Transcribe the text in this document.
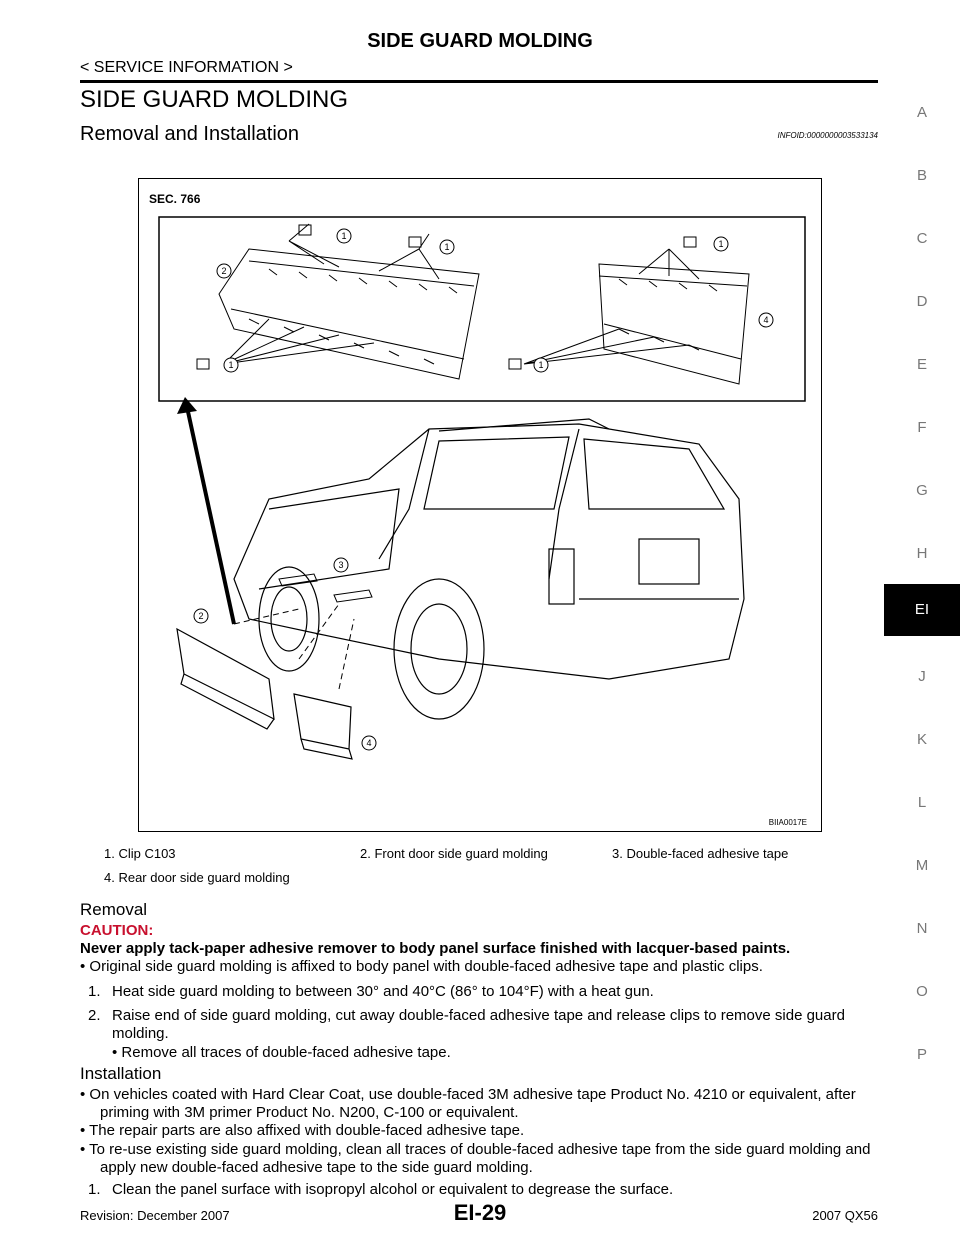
SIDE GUARD MOLDING
< SERVICE INFORMATION >
SIDE GUARD MOLDING
Removal and Installation	INFOID:0000000003533134
SEC. 766
1
1
2
1
1
1
4
2
3
4
BIIA0017E
1. Clip C103	2. Front door side guard molding	3. Double-faced adhesive tape
4. Rear door side guard molding
Removal
CAUTION:
Never apply tack-paper adhesive remover to body panel surface finished with lacquer-based paints.
• Original side guard molding is affixed to body panel with double-faced adhesive tape and plastic clips.
1. Heat side guard molding to between 30° and 40°C (86° to 104°F) with a heat gun.
2. Raise end of side guard molding, cut away double-faced adhesive tape and release clips to remove side guard molding.
• Remove all traces of double-faced adhesive tape.
Installation
• On vehicles coated with Hard Clear Coat, use double-faced 3M adhesive tape Product No. 4210 or equivalent, after priming with 3M primer Product No. N200, C-100 or equivalent.
• The repair parts are also affixed with double-faced adhesive tape.
• To re-use existing side guard molding, clean all traces of double-faced adhesive tape from the side guard molding and apply new double-faced adhesive tape to the side guard molding.
1. Clean the panel surface with isopropyl alcohol or equivalent to degrease the surface.
A
B
C
D
E
F
G
H
EI
J
K
L
M
N
O
P
Revision: December 2007	EI-29	2007 QX56
